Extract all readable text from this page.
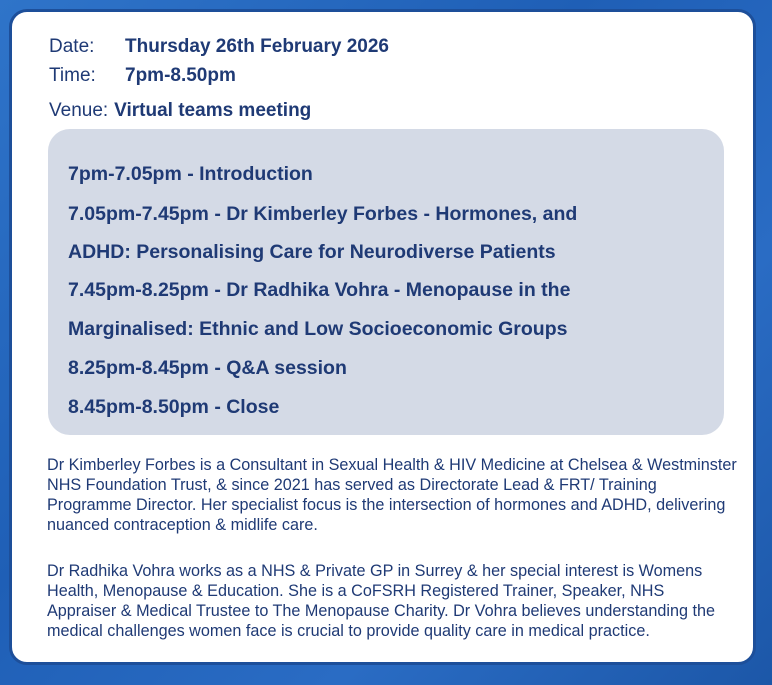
Date: Thursday 26th February 2026
Time: 7pm-8.50pm
Venue: Virtual teams meeting
7pm-7.05pm - Introduction
7.05pm-7.45pm - Dr Kimberley Forbes - Hormones, and
ADHD: Personalising Care for Neurodiverse Patients
7.45pm-8.25pm - Dr Radhika Vohra - Menopause in the
Marginalised: Ethnic and Low Socioeconomic Groups
8.25pm-8.45pm - Q&A session
8.45pm-8.50pm - Close

Dr Kimberley Forbes is a Consultant in Sexual Health & HIV Medicine at Chelsea & Westminster NHS Foundation Trust, & since 2021 has served as Directorate Lead & FRT/ Training Programme Director. Her specialist focus is the intersection of hormones and ADHD, delivering nuanced contraception & midlife care.

Dr Radhika Vohra works as a NHS & Private GP in Surrey & her special interest is Womens Health, Menopause & Education. She is a CoFSRH Registered Trainer, Speaker, NHS Appraiser & Medical Trustee to The Menopause Charity. Dr Vohra believes understanding the medical challenges women face is crucial to provide quality care in medical practice.
